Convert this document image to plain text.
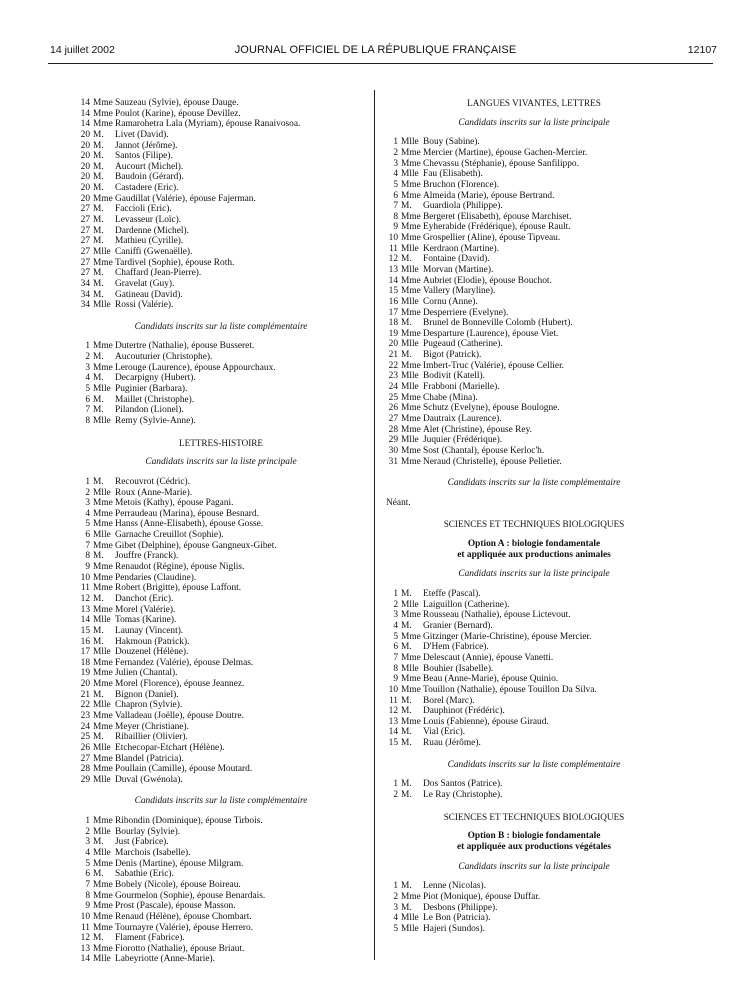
14 juillet 2002	JOURNAL OFFICIEL DE LA RÉPUBLIQUE FRANÇAISE	12107
14 Mme Sauzeau (Sylvie), épouse Dauge.
14 Mme Poulot (Karine), épouse Devillez.
14 Mme Ramarohetra Lala (Myriam), épouse Ranaivosoa.
20 M. Livet (David).
20 M. Jannot (Jérôme).
20 M. Santos (Filipe).
20 M. Aucourt (Michel).
20 M. Baudoin (Gérard).
20 M. Castadere (Eric).
20 Mme Gaudillat (Valérie), épouse Fajerman.
27 M. Faccioli (Eric).
27 M. Levasseur (Loïc).
27 M. Dardenne (Michel).
27 M. Mathieu (Cyrille).
27 Mlle Caniffi (Gwenaëlle).
27 Mme Tardivel (Sophie), épouse Roth.
27 M. Chaffard (Jean-Pierre).
34 M. Gravelat (Guy).
34 M. Gatineau (David).
34 Mlle Rossi (Valérie).
Candidats inscrits sur la liste complémentaire
1 Mme Dutertre (Nathalie), épouse Busseret.
2 M. Aucouturier (Christophe).
3 Mme Lerouge (Laurence), épouse Appourchaux.
4 M. Decarpigny (Hubert).
5 Mlle Puginier (Barbara).
6 M. Maillet (Christophe).
7 M. Pilandon (Lionel).
8 Mlle Remy (Sylvie-Anne).
LETTRES-HISTOIRE
Candidats inscrits sur la liste principale
1 M. Recouvrot (Cédric).
2 Mlle Roux (Anne-Marie).
3 Mme Metois (Kathy), épouse Pagani.
4 Mme Perraudeau (Marina), épouse Besnard.
5 Mme Hanss (Anne-Elisabeth), épouse Gosse.
6 Mlle Garnache Creuillot (Sophie).
7 Mme Gibet (Delphine), épouse Gangneux-Gibet.
8 M. Jouffre (Franck).
9 Mme Renaudot (Régine), épouse Niglis.
10 Mme Pendaries (Claudine).
11 Mme Robert (Brigitte), épouse Laffont.
12 M. Danchot (Eric).
13 Mme Morel (Valérie).
14 Mlle Tomas (Karine).
15 M. Launay (Vincent).
16 M. Hakmoun (Patrick).
17 Mlle Douzenel (Hélène).
18 Mme Fernandez (Valérie), épouse Delmas.
19 Mme Julien (Chantal).
20 Mme Morel (Florence), épouse Jeannez.
21 M. Bignon (Daniel).
22 Mlle Chapron (Sylvie).
23 Mme Valladeau (Joëlle), épouse Doutre.
24 Mme Meyer (Christiane).
25 M. Ribaillier (Olivier).
26 Mlle Etchecopar-Etchart (Hélène).
27 Mme Blandel (Patricia).
28 Mme Poullain (Camille), épouse Moutard.
29 Mlle Duval (Gwénola).
Candidats inscrits sur la liste complémentaire
1 Mme Ribondin (Dominique), épouse Tirbois.
2 Mlle Bourlay (Sylvie).
3 M. Just (Fabrice).
4 Mlle Marchois (Isabelle).
5 Mme Denis (Martine), épouse Milgram.
6 M. Sabathie (Eric).
7 Mme Bobely (Nicole), épouse Boireau.
8 Mme Gourmelon (Sophie), épouse Benardais.
9 Mme Prost (Pascale), épouse Masson.
10 Mme Renaud (Hélène), épouse Chombart.
11 Mme Tournayre (Valérie), épouse Herrero.
12 M. Flament (Fabrice).
13 Mme Fiorotto (Nathalie), épouse Briaut.
14 Mlle Labeyriotte (Anne-Marie).
LANGUES VIVANTES, LETTRES
Candidats inscrits sur la liste principale
1 Mlle Bouy (Sabine).
2 Mme Mercier (Martine), épouse Gachen-Mercier.
3 Mme Chevassu (Stéphanie), épouse Sanfilippo.
4 Mlle Fau (Elisabeth).
5 Mme Bruchon (Florence).
6 Mme Almeida (Marie), épouse Bertrand.
7 M. Guardiola (Philippe).
8 Mme Bergeret (Elisabeth), épouse Marchiset.
9 Mme Eyherabide (Frédérique), épouse Rault.
10 Mme Grospellier (Aline), épouse Tipveau.
11 Mlle Kerdraon (Martine).
12 M. Fontaine (David).
13 Mlle Morvan (Martine).
14 Mme Aubriet (Elodie), épouse Bouchot.
15 Mme Vallery (Maryline).
16 Mlle Cornu (Anne).
17 Mme Desperriere (Evelyne).
18 M. Brunel de Bonneville Colomb (Hubert).
19 Mme Desparture (Laurence), épouse Viet.
20 Mlle Pugeaud (Catherine).
21 M. Bigot (Patrick).
22 Mme Imbert-Truc (Valérie), épouse Cellier.
23 Mlle Bodivit (Katell).
24 Mlle Frabboni (Marielle).
25 Mme Chabe (Mina).
26 Mme Schutz (Evelyne), épouse Boulogne.
27 Mme Dautraix (Laurence).
28 Mme Alet (Christine), épouse Rey.
29 Mlle Juquier (Frédérique).
30 Mme Sost (Chantal), épouse Kerloc'h.
31 Mme Neraud (Christelle), épouse Pelletier.
Candidats inscrits sur la liste complémentaire
Néant.
SCIENCES ET TECHNIQUES BIOLOGIQUES
Option A : biologie fondamentale
et appliquée aux productions animales
Candidats inscrits sur la liste principale
1 M. Eteffe (Pascal).
2 Mlle Laiguillon (Catherine).
3 Mme Rousseau (Nathalie), épouse Lictevout.
4 M. Granier (Bernard).
5 Mme Gitzinger (Marie-Christine), épouse Mercier.
6 M. D'Hem (Fabrice).
7 Mme Delescaut (Annie), épouse Vanetti.
8 Mlle Bouhier (Isabelle).
9 Mme Beau (Anne-Marie), épouse Quinio.
10 Mme Touillon (Nathalie), épouse Touillon Da Silva.
11 M. Borel (Marc).
12 M. Dauphinot (Frédéric).
13 Mme Louis (Fabienne), épouse Giraud.
14 M. Vial (Eric).
15 M. Ruau (Jérôme).
Candidats inscrits sur la liste complémentaire
1 M. Dos Santos (Patrice).
2 M. Le Ray (Christophe).
SCIENCES ET TECHNIQUES BIOLOGIQUES
Option B : biologie fondamentale
et appliquée aux productions végétales
Candidats inscrits sur la liste principale
1 M. Lenne (Nicolas).
2 Mme Piot (Monique), épouse Duffar.
3 M. Desbons (Philippe).
4 Mlle Le Bon (Patricia).
5 Mlle Hajeri (Sundos).
